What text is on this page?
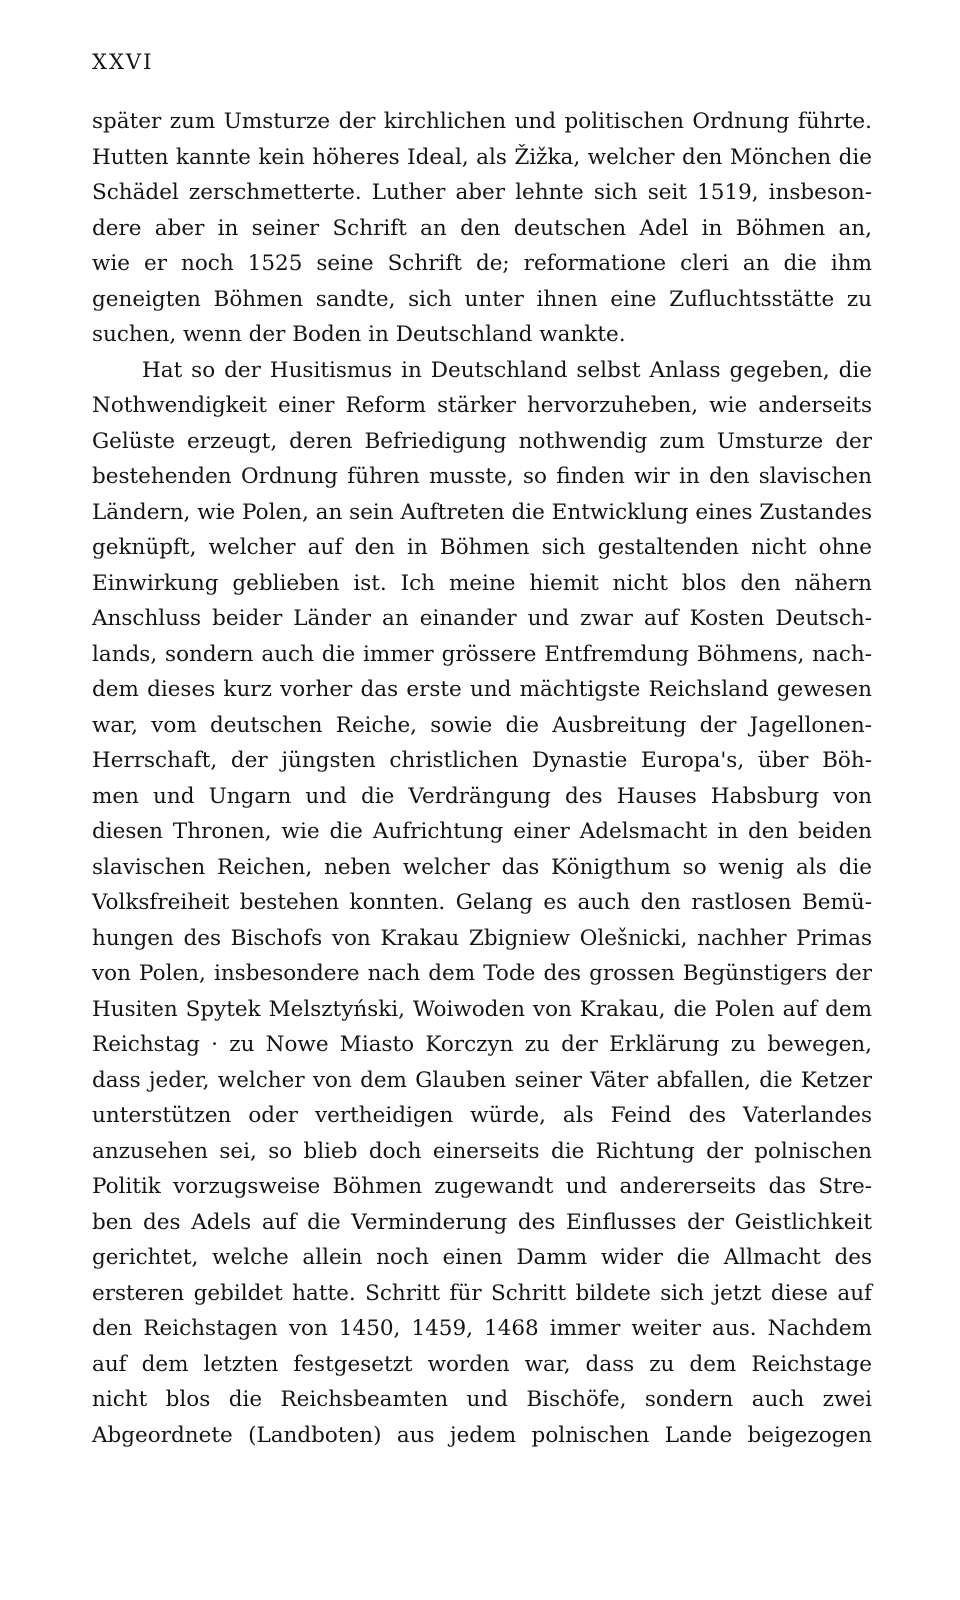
XXVI
später zum Umsturze der kirchlichen und politischen Ordnung führte.
Hutten kannte kein höheres Ideal, als Žižka, welcher den Mönchen die
Schädel zerschmetterte. Luther aber lehnte sich seit 1519, insbeson-
dere aber in seiner Schrift an den deutschen Adel in Böhmen an,
wie er noch 1525 seine Schrift de; reformatione cleri an die ihm
geneigten Böhmen sandte, sich unter ihnen eine Zufluchtsstätte zu
suchen, wenn der Boden in Deutschland wankte.
Hat so der Husitismus in Deutschland selbst Anlass gegeben, die
Nothwendigkeit einer Reform stärker hervorzuheben, wie anderseits
Gelüste erzeugt, deren Befriedigung nothwendig zum Umsturze der
bestehenden Ordnung führen musste, so finden wir in den slavischen
Ländern, wie Polen, an sein Auftreten die Entwicklung eines Zustandes
geknüpft, welcher auf den in Böhmen sich gestaltenden nicht ohne
Einwirkung geblieben ist. Ich meine hiemit nicht blos den nähern
Anschluss beider Länder an einander und zwar auf Kosten Deutsch-
lands, sondern auch die immer grössere Entfremdung Böhmens, nach-
dem dieses kurz vorher das erste und mächtigste Reichsland gewesen
war, vom deutschen Reiche, sowie die Ausbreitung der Jagellonen-
Herrschaft, der jüngsten christlichen Dynastie Europa's, über Böh-
men und Ungarn und die Verdrängung des Hauses Habsburg von
diesen Thronen, wie die Aufrichtung einer Adelsmacht in den beiden
slavischen Reichen, neben welcher das Königthum so wenig als die
Volksfreiheit bestehen konnten. Gelang es auch den rastlosen Bemü-
hungen des Bischofs von Krakau Zbigniew Olešnicki, nachher Primas
von Polen, insbesondere nach dem Tode des grossen Begünstigers der
Husiten Spytek Melsztyński, Woiwoden von Krakau, die Polen auf dem
Reichstag · zu Nowe Miasto Korczyn zu der Erklärung zu bewegen,
dass jeder, welcher von dem Glauben seiner Väter abfallen, die Ketzer
unterstützen oder vertheidigen würde, als Feind des Vaterlandes
anzusehen sei, so blieb doch einerseits die Richtung der polnischen
Politik vorzugsweise Böhmen zugewandt und andererseits das Stre-
ben des Adels auf die Verminderung des Einflusses der Geistlichkeit
gerichtet, welche allein noch einen Damm wider die Allmacht des
ersteren gebildet hatte. Schritt für Schritt bildete sich jetzt diese auf
den Reichstagen von 1450, 1459, 1468 immer weiter aus. Nachdem
auf dem letzten festgesetzt worden war, dass zu dem Reichstage
nicht blos die Reichsbeamten und Bischöfe, sondern auch zwei
Abgeordnete (Landboten) aus jedem polnischen Lande beigezogen
